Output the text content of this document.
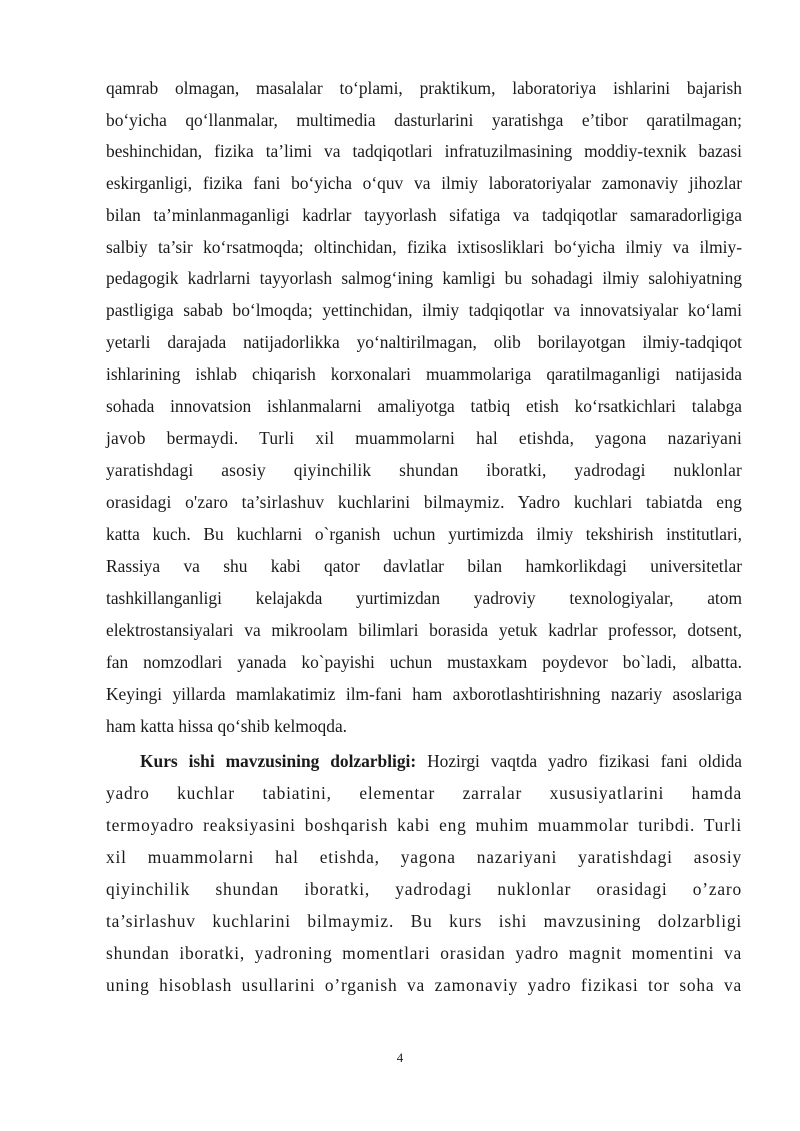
qamrab olmagan, masalalar to‘plami, praktikum, laboratoriya ishlarini bajarish
bo‘yicha qo‘llanmalar, multimedia dasturlarini yaratishga e’tibor qaratilmagan;
beshinchidan, fizika ta’limi va tadqiqotlari infratuzilmasining moddiy-texnik bazasi
eskirganligi, fizika fani bo‘yicha o‘quv va ilmiy laboratoriyalar zamonaviy jihozlar
bilan ta’minlanmaganligi kadrlar tayyorlash sifatiga va tadqiqotlar samaradorligiga
salbiy ta’sir ko‘rsatmoqda; oltinchidan, fizika ixtisosliklari bo‘yicha ilmiy va ilmiy-
pedagogik kadrlarni tayyorlash salmog‘ining kamligi bu sohadagi ilmiy salohiyatning
pastligiga sabab bo‘lmoqda; yettinchidan, ilmiy tadqiqotlar va innovatsiyalar ko‘lami
yetarli darajada natijadorlikka yo‘naltirilmagan, olib borilayotgan ilmiy-tadqiqot
ishlarining ishlab chiqarish korxonalari muammolariga qaratilmaganligi natijasida
sohada innovatsion ishlanmalarni amaliyotga tatbiq etish ko‘rsatkichlari talabga
javob bermaydi. Turli xil muammolarni hal etishda, yagona nazariyani
yaratishdagi asosiy qiyinchilik shundan iboratki, yadrodagi nuklonlar
orasidagi o'zaro ta’sirlashuv kuchlarini bilmaymiz. Yadro kuchlari tabiatda eng
katta kuch. Bu kuchlarni o`rganish uchun yurtimizda ilmiy tekshirish institutlari,
Rassiya va shu kabi qator davlatlar bilan hamkorlikdagi universitetlar
tashkillanganligi kelajakda yurtimizdan yadroviy texnologiyalar, atom
elektrostansiyalari va mikroolam bilimlari borasida yetuk kadrlar professor, dotsent,
fan nomzodlari yanada ko`payishi uchun mustaxkam poydevor bo`ladi, albatta.
Keyingi yillarda mamlakatimiz ilm-fani ham axborotlashtirishning nazariy asoslariga
ham katta hissa qo‘shib kelmoqda.
Kurs ishi mavzusining dolzarbligi: Hozirgi vaqtda yadro fizikasi fani oldida
yadro kuchlar tabiatini, elementar zarralar xususiyatlarini hamda
termoyadro reaksiyasini boshqarish kabi eng muhim muammolar turibdi. Turli
xil muammolarni hal etishda, yagona nazariyani yaratishdagi asosiy
qiyinchilik shundan iboratki, yadrodagi nuklonlar orasidagi o’zaro
ta’sirlashuv kuchlarini bilmaymiz. Bu kurs ishi mavzusining dolzarbligi
shundan iboratki, yadroning momentlari orasidan yadro magnit momentini va
uning hisoblash usullarini o’rganish va zamonaviy yadro fizikasi tor soha va
4
